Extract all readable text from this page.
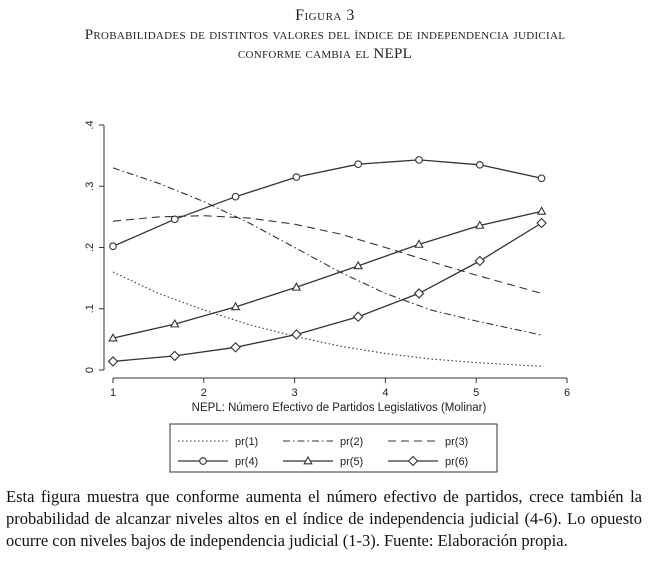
Figura 3
Probabilidades de distintos valores del índice de independencia judicial
conforme cambia el NEPL
0
.1
.2
.3
.4
1	2	3	4	5	6
NEPL: Número Efectivo de Partidos Legislativos (Molinar)
pr(1)	pr(2)	pr(3)
pr(4)	pr(5)	pr(6)
Esta figura muestra que conforme aumenta el número efectivo de partidos, crece también la probabilidad de alcanzar niveles altos en el índice de independencia judicial (4-6). Lo opuesto ocurre con niveles bajos de independencia judicial (1-3). Fuente: Elaboración propia.
